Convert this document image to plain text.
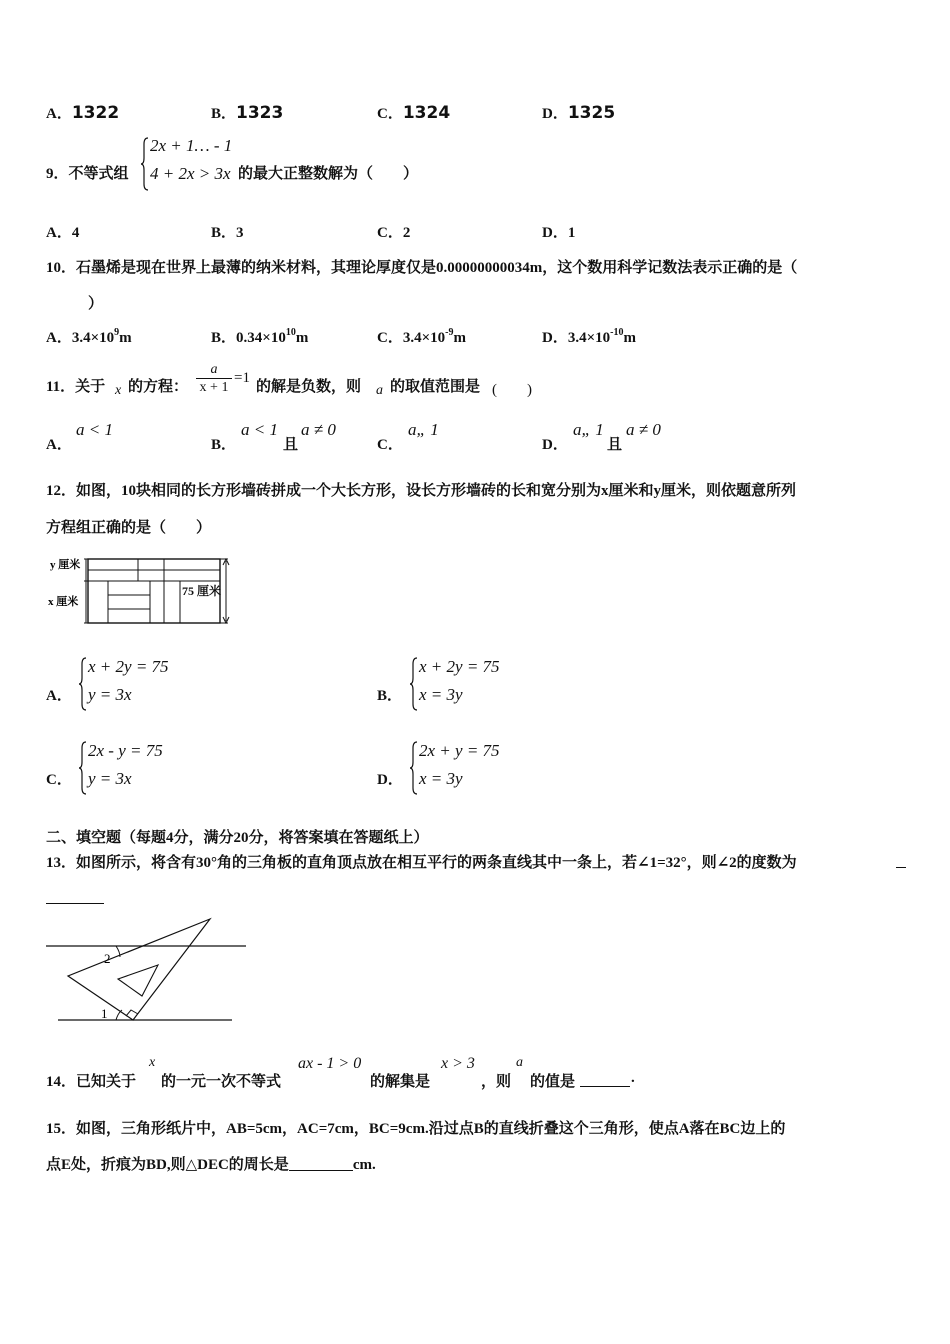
A．1322	B．1323	C．1324	D．1325
9．不等式组
2x + 1… - 1
4 + 2x > 3x 的最大正整数解为（　　）
A．4	B．3	C．2	D．1
10．石墨烯是现在世界上最薄的纳米材料，其理论厚度仅是0.00000000034m，这个数用科学记数法表示正确的是（
）
A．$3.4\times 10^9m$	B．$0.34\times 10^{10}m$	C．$3.4\times 10^{-9}m$	D．$3.4\times 10^{-10}m$
11．关于 x 的方程： $\frac{a}{x + 1} =1$
的解是负数，则 a 的取值范围是 (　　)
A．
a < 1
B．
a < 1
且
a ≠ 0
C．
a„ 1
D．
a„ 1
且
a ≠ 0
12．如图，10块相同的长方形墙砖拼成一个大长方形，设长方形墙砖的长和宽分别为x厘米和y厘米，则依题意所列
方程组正确的是（　　）
y 厘米
x 厘米
75 厘米
A．
x + 2y = 75
y = 3x	B．
x + 2y = 75
x = 3y
C．
2x - y = 75
y = 3x	D．
2x + y = 75
x = 3y
二、填空题（每题4分，满分20分，将答案填在答题纸上）
13．如图所示，将含有30°角的三角板的直角顶点放在相互平行的两条直线其中一条上，若∠1=32°，则∠2的度数为
1
2
14．已知关于
x
的一元一次不等式
ax - 1 > 0
的解集是
x > 3
，则
a
的值是	.
15．如图，三角形纸片中，AB=5cm，AC=7cm，BC=9cm.沿过点B的直线折叠这个三角形，使点A落在BC边上的
点E处，折痕为BD,则△DEC的周长是	cm.
